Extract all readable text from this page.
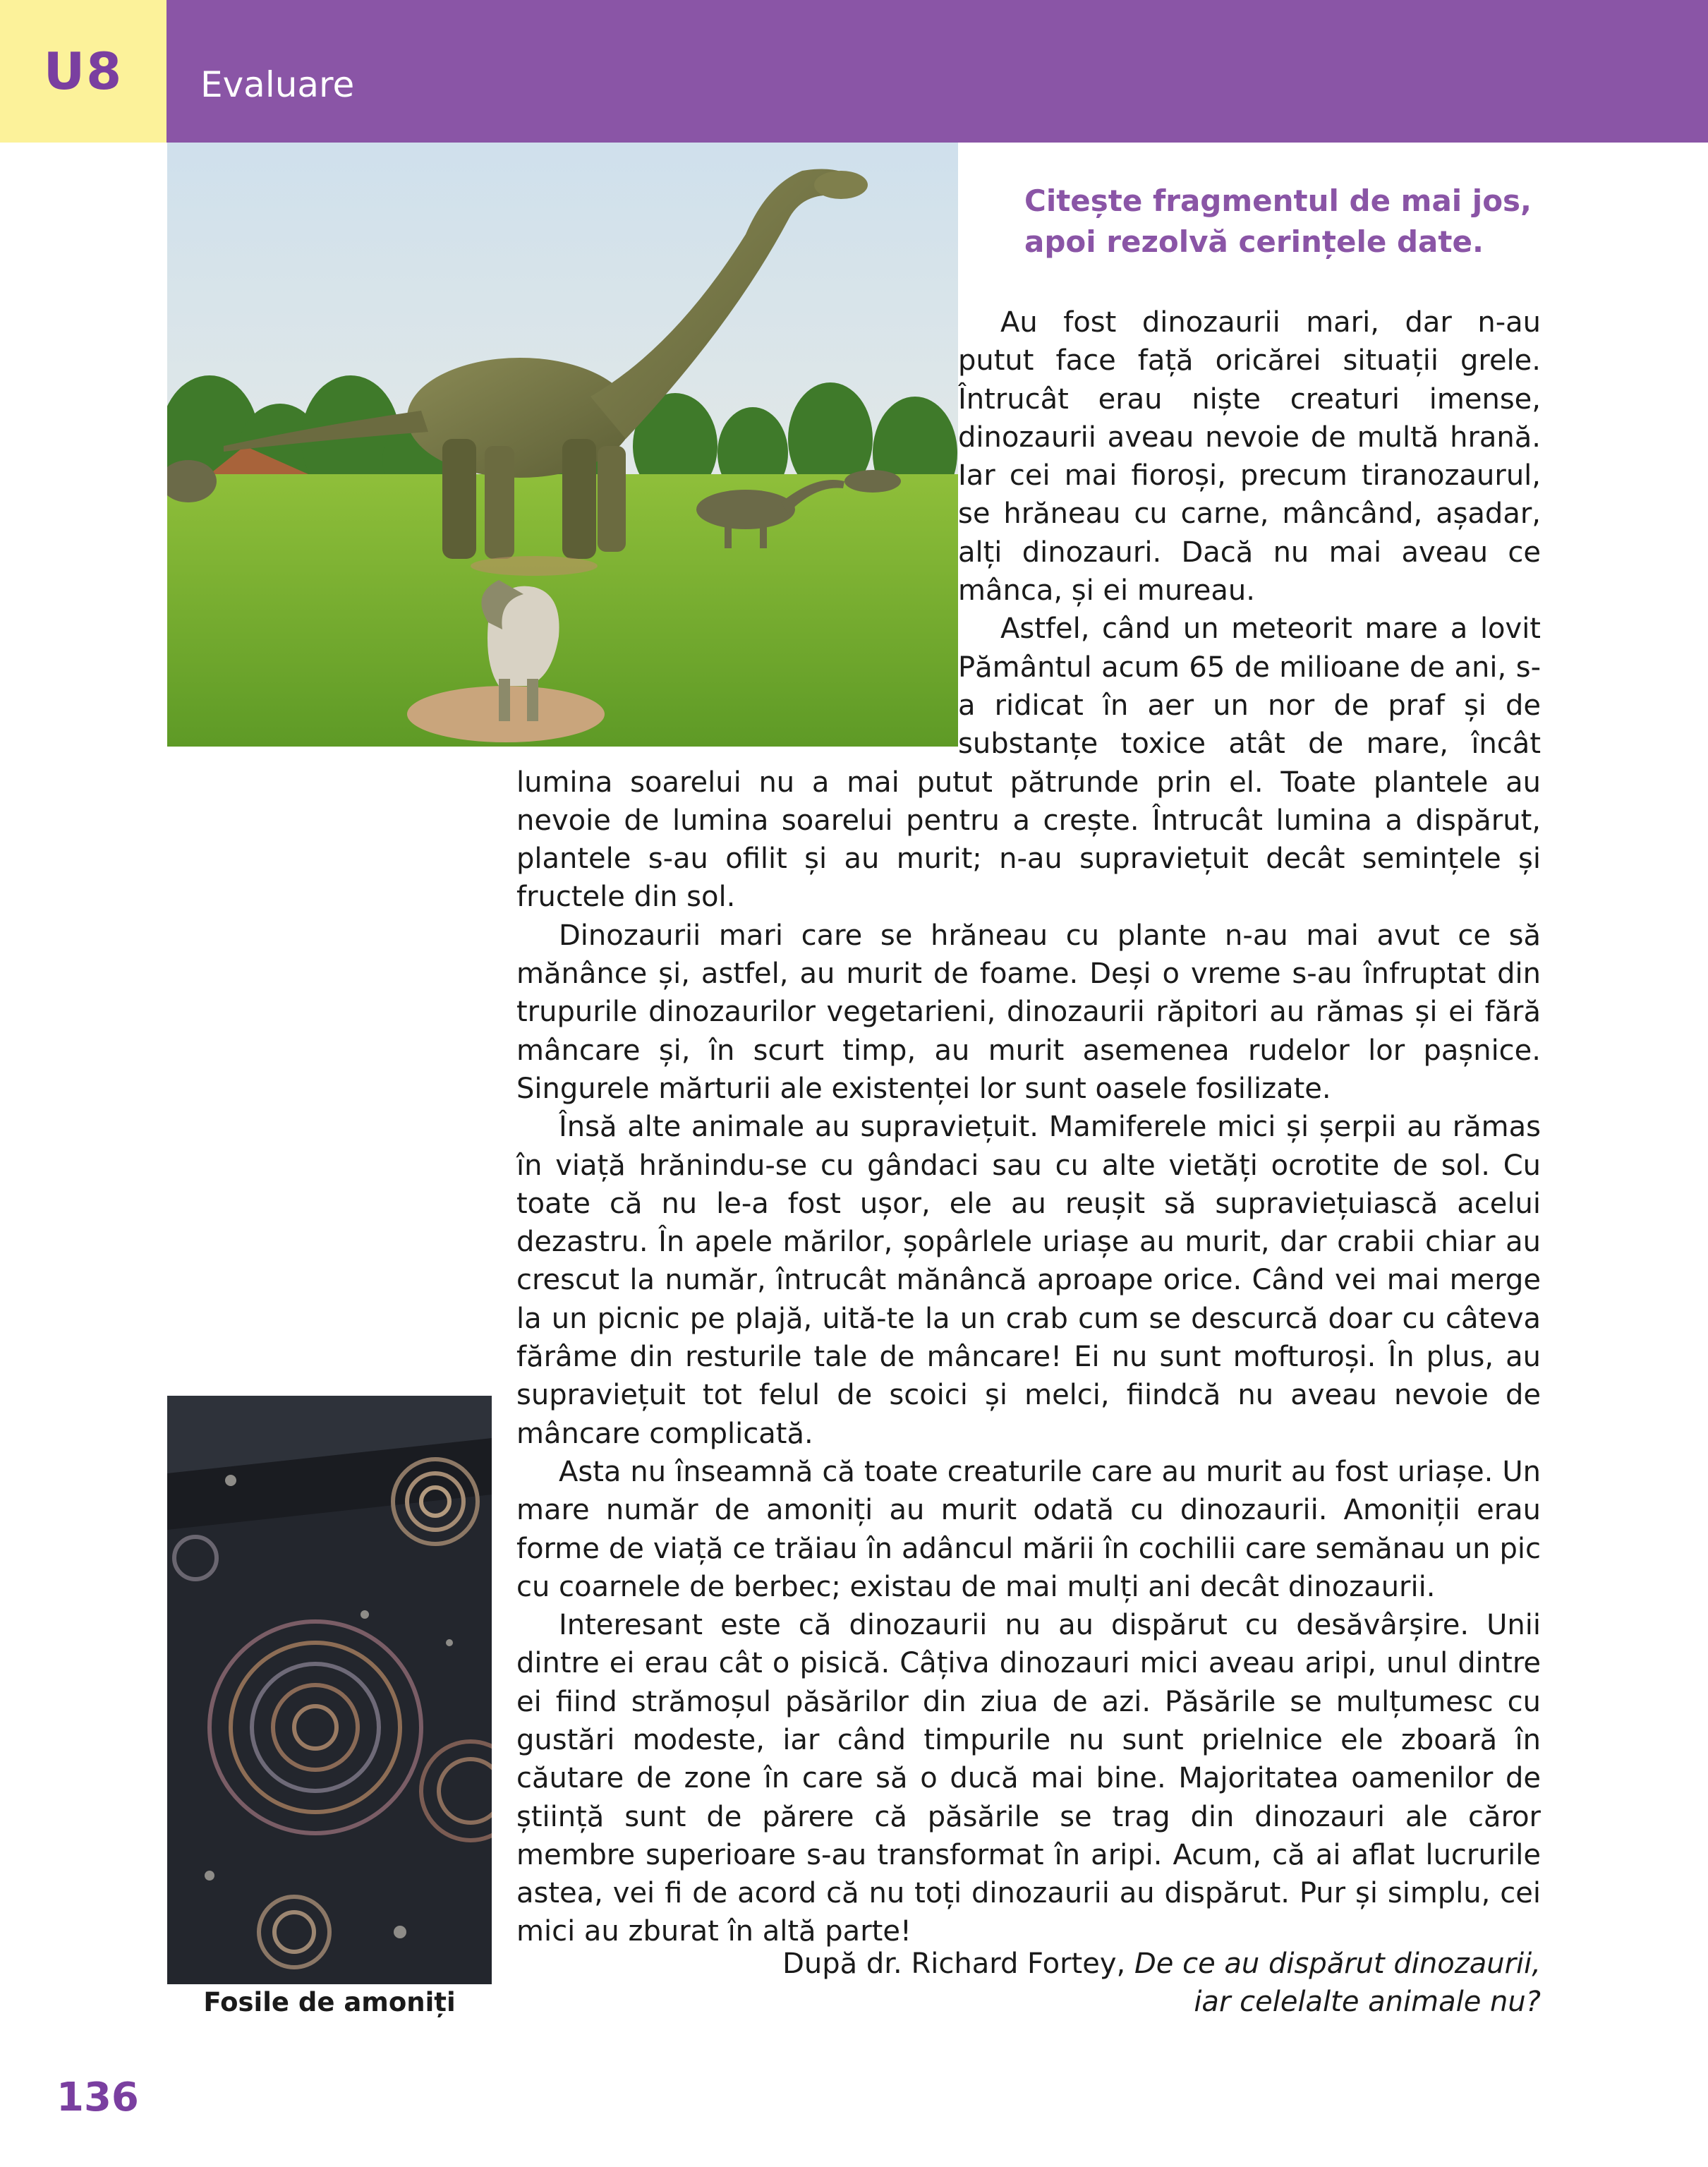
U8 Evaluare
Fosile de amoniți
Citește fragmentul de mai jos, apoi rezolvă cerințele date.

Au fost dinozaurii mari, dar n-au putut face față oricărei situații grele. Întrucât erau niște creaturi imense, dinozaurii aveau nevoie de multă hrană. Iar cei mai fioroși, precum tiranozaurul, se hrăneau cu carne, mâncând, așadar, alți dinozauri. Dacă nu mai aveau ce mânca, și ei mureau.

Astfel, când un meteorit mare a lovit Pământul acum 65 de milioane de ani, s-a ridicat în aer un nor de praf și de substanțe toxice atât de mare, încât lumina soarelui nu a mai putut pătrunde prin el. Toate plantele au nevoie de lumina soarelui pentru a crește. Întrucât lumina a dispărut, plantele s-au ofilit și au murit; n-au supraviețuit decât semințele și fructele din sol.

Dinozaurii mari care se hrăneau cu plante n-au mai avut ce să mănânce și, astfel, au murit de foame. Deși o vreme s-au înfruptat din trupurile dinozaurilor vegetarieni, dinozaurii răpitori au rămas și ei fără mâncare și, în scurt timp, au murit asemenea rudelor lor pașnice. Singurele mărturii ale existenței lor sunt oasele fosilizate.

Însă alte animale au supraviețuit. Mamiferele mici și șerpii au rămas în viață hrănindu-se cu gândaci sau cu alte vietăți ocrotite de sol. Cu toate că nu le-a fost ușor, ele au reușit să supraviețuiască acelui dezastru. În apele mărilor, șopârlele uriașe au murit, dar crabii chiar au crescut la număr, întrucât mănâncă aproape orice. Când vei mai merge la un picnic pe plajă, uită-te la un crab cum se descurcă doar cu câteva fărâme din resturile tale de mâncare! Ei nu sunt mofturoși. În plus, au supraviețuit tot felul de scoici și melci, fiindcă nu aveau nevoie de mâncare complicată.

Asta nu înseamnă că toate creaturile care au murit au fost uriașe. Un mare număr de amoniți au murit odată cu dinozaurii. Amoniții erau forme de viață ce trăiau în adâncul mării în cochilii care semănau un pic cu coarnele de berbec; existau de mai mulți ani decât dinozaurii.

Interesant este că dinozaurii nu au dispărut cu desăvârșire. Unii dintre ei erau cât o pisică. Câțiva dinozauri mici aveau aripi, unul dintre ei fiind strămoșul păsărilor din ziua de azi. Păsările se mulțumesc cu gustări modeste, iar când timpurile nu sunt prielnice ele zboară în căutare de zone în care să o ducă mai bine. Majoritatea oamenilor de știință sunt de părere că păsările se trag din dinozauri ale căror membre superioare s-au transformat în aripi. Acum, că ai aflat lucrurile astea, vei fi de acord că nu toți dinozaurii au dispărut. Pur și simplu, cei mici au zburat în altă parte!

După dr. Richard Fortey, De ce au dispărut dinozaurii,
iar celelalte animale nu?
136
